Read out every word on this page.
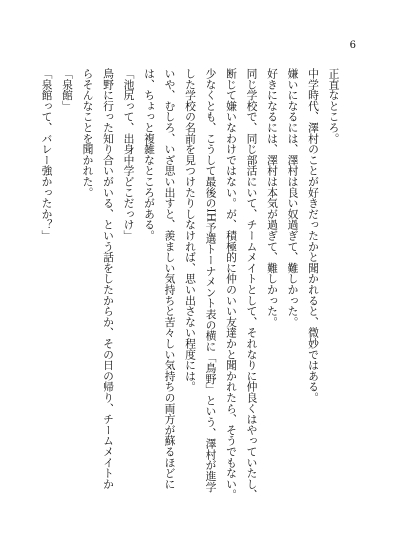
6
正直なところ。
中学時代、澤村のことが好きだったかと聞かれると、微妙ではある。
嫌いになるには、澤村は良い奴過ぎて、難しかった。
好きになるには、澤村は本気が過ぎて、難しかった。
同じ学校で、同じ部活にいて、チームメイトとして、それなりに仲良くはやっていたし、
断じて嫌いなわけではない。が、積極的に仲のいい友達かと聞かれたら、そうでもない。
少なくとも、こうして最後のIH予選トーナメント表の横に「鳥野」という、澤村が進学
した学校の名前を見つけたりしなければ、思い出さない程度には。
いや、むしろ、いざ思い出すと、羨ましい気持ちと苦々しい気持ちの両方が蘇るほどに
は、ちょっと複雑なところがある。
「池尻って、出身中学どこだっけ」
鳥野に行った知り合いがいる、という話をしたからか、その日の帰り、チームメイトか
らそんなことを聞かれた。
「泉館」
「泉館って、バレー強かったか？」
